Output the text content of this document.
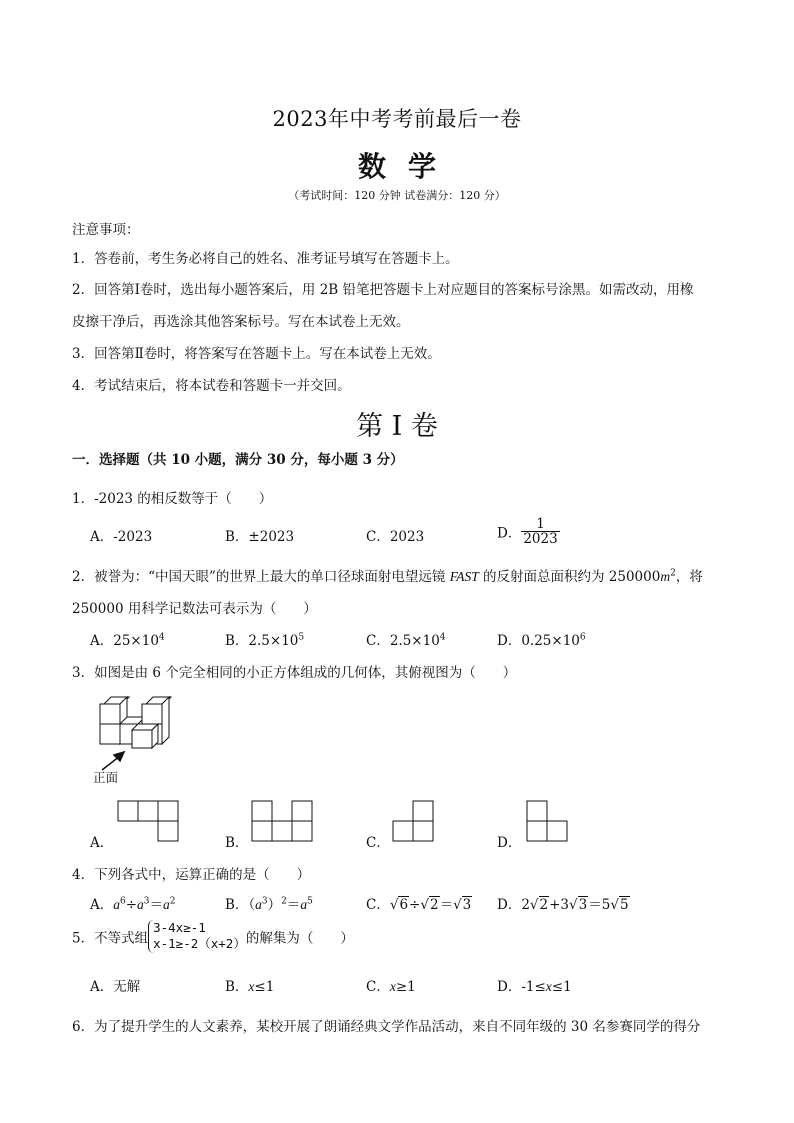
2023年中考考前最后一卷
数学
（考试时间：120 分钟 试卷满分：120 分）
注意事项：
1．答卷前，考生务必将自己的姓名、准考证号填写在答题卡上。
2．回答第Ⅰ卷时，选出每小题答案后，用 2B 铅笔把答题卡上对应题目的答案标号涂黑。如需改动，用橡
皮擦干净后，再选涂其他答案标号。写在本试卷上无效。
3．回答第Ⅱ卷时，将答案写在答题卡上。写在本试卷上无效。
4．考试结束后，将本试卷和答题卡一并交回。
第 I 卷
一．选择题（共 10 小题，满分 30 分，每小题 3 分）
1．-2023 的相反数等于（　　）
A．-2023	B．±2023	C．2023	D． $\frac{1}{2023}$
2．被誉为：“中国天眼”的世界上最大的单口径球面射电望远镜 FAST 的反射面总面积约为 $250000m^2$，将
250000 用科学记数法可表示为（　　）
A．$25\times 10^4$	B．$2.5\times 10^5$	C．$2.5\times 10^4$	D．$0.25\times 10^6$
3．如图是由 6 个完全相同的小正方体组成的几何体，其俯视图为（　　）
正面
A．	B．	C．	D．
4．下列各式中，运算正确的是（　　）
A．$a^6\div a^3=a^2$	B．$(a^3)^2=a^5$	C．√6÷√2＝√3 D．2√2+3√3＝5√5
5．不等式组
3-4x≥-1
x-1≥-2（x+2） 的解集为（　　）
A．无解	B．x≤1	C．x≥1	D．-1≤x≤1
6．为了提升学生的人文素养，某校开展了朗诵经典文学作品活动，来自不同年级的 30 名参赛同学的得分
